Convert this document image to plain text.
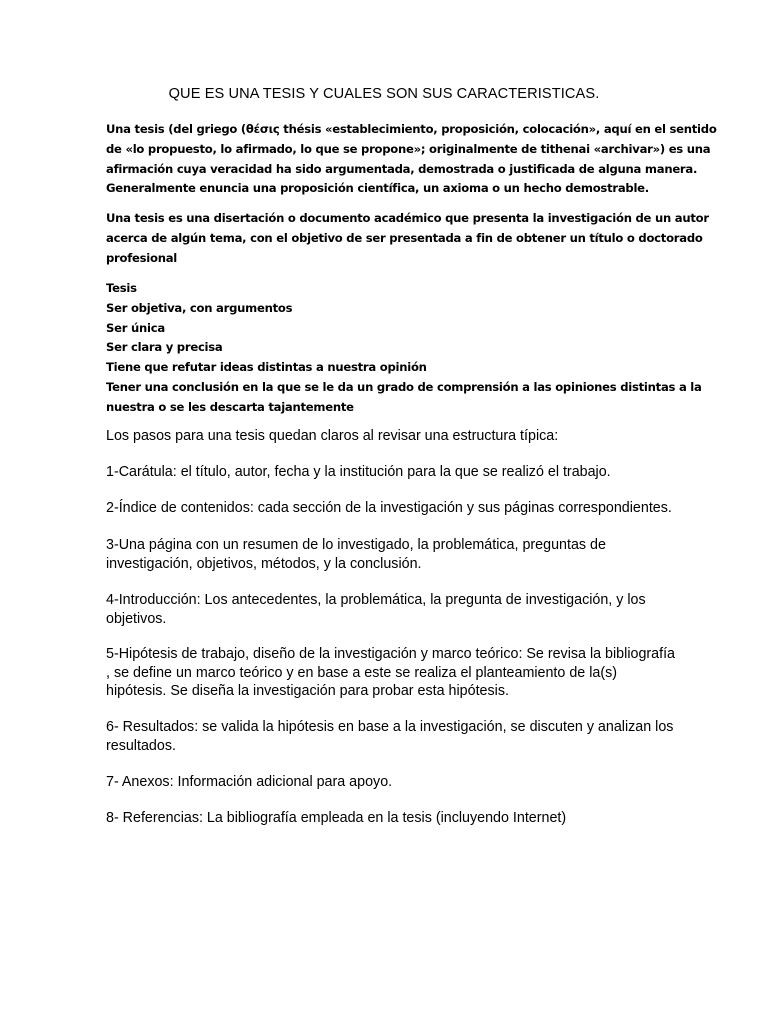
QUE ES UNA TESIS Y CUALES SON SUS CARACTERISTICAS.
Una tesis (del griego (θέσις thésis «establecimiento, proposición, colocación», aquí en el sentido
de «lo propuesto, lo afirmado, lo que se propone»; originalmente de tithenai «archivar») es una
afirmación cuya veracidad ha sido argumentada, demostrada o justificada de alguna manera.
Generalmente enuncia una proposición científica, un axioma o un hecho demostrable.
Una tesis es una disertación o documento académico que presenta la investigación de un autor
acerca de algún tema, con el objetivo de ser presentada a fin de obtener un título o doctorado
profesional
Tesis
Ser objetiva, con argumentos
Ser única
Ser clara y precisa
Tiene que refutar ideas distintas a nuestra opinión
Tener una conclusión en la que se le da un grado de comprensión a las opiniones distintas a la
nuestra o se les descarta tajantemente
Los pasos para una tesis quedan claros al revisar una estructura típica:
1-Carátula: el título, autor, fecha y la institución para la que se realizó el trabajo.
2-Índice de contenidos: cada sección de la investigación y sus páginas correspondientes.
3-Una página con un resumen de lo investigado, la problemática, preguntas de
investigación, objetivos, métodos, y la conclusión.
4-Introducción: Los antecedentes, la problemática, la pregunta de investigación, y los
objetivos.
5-Hipótesis de trabajo, diseño de la investigación y marco teórico: Se revisa la bibliografía
, se define un marco teórico y en base a este se realiza el planteamiento de la(s)
hipótesis. Se diseña la investigación para probar esta hipótesis.
6- Resultados: se valida la hipótesis en base a la investigación, se discuten y analizan los
resultados.
7- Anexos: Información adicional para apoyo.
8- Referencias: La bibliografía empleada en la tesis (incluyendo Internet)
